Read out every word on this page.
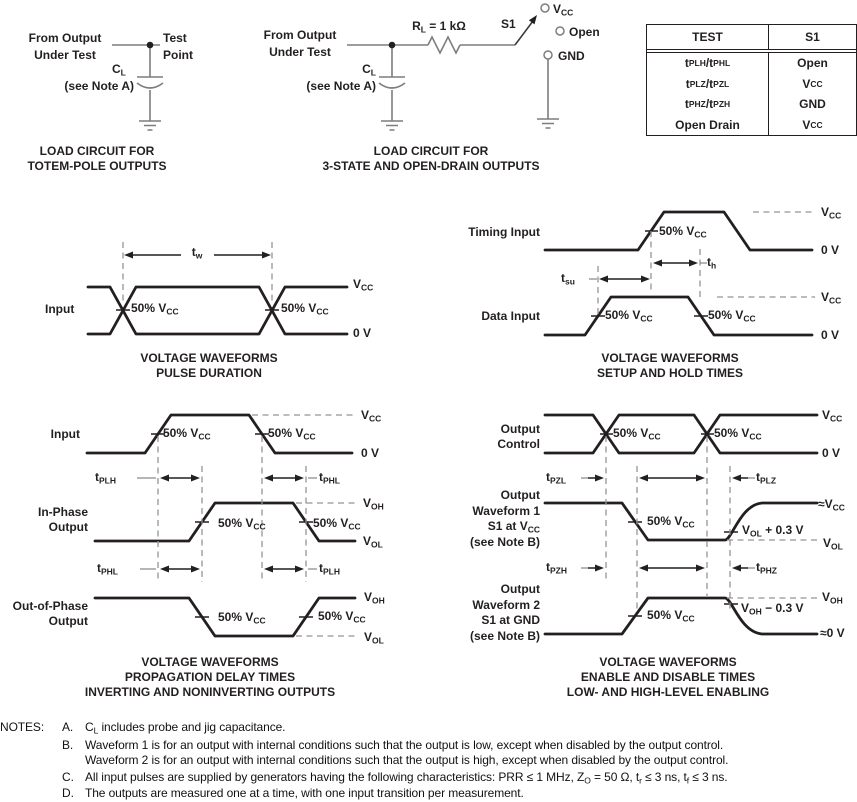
From Output
Under Test
Test
Point
$C_L$
(see Note A)
LOAD CIRCUIT FOR
TOTEM-POLE OUTPUTS
From Output
Under Test
$C_L$
(see Note A)
$R_L = 1$ kΩ	S1
$V_{CC}$
Open
GND
LOAD CIRCUIT FOR
3-STATE AND OPEN-DRAIN OUTPUTS
TEST	S1
t PLH /t PHL	Open
t PLZ /t PZL	V CC
t PHZ /t PZH	GND
Open Drain	V CC
Input
$t_w$
50% $V_{CC}$	50% $V_{CC}$
$V_{CC}$
0 V
VOLTAGE WAVEFORMS
PULSE DURATION
Timing Input
Data Input
$t_{su}$
$t_h$
50% $V_{CC}$
50% $V_{CC}$	50% $V_{CC}$
$V_{CC}$
0 V
$V_{CC}$
0 V
VOLTAGE WAVEFORMS
SETUP AND HOLD TIMES
Input
In-Phase
Output
Out-of-Phase
Output
$t_{PLH}$	$t_{PHL}$
$t_{PHL}$	$t_{PLH}$
50% $V_{CC}$	50% $V_{CC}$
50% $V_{CC}$	50% $V_{CC}$
50% $V_{CC}$	50% $V_{CC}$
$V_{CC}$
0 V
$V_{OH}$
$V_{OL}$
$V_{OH}$
$V_{OL}$
VOLTAGE WAVEFORMS
PROPAGATION DELAY TIMES
INVERTING AND NONINVERTING OUTPUTS
Output
Control
Output
Waveform 1
S1 at $V_{CC}$
(see Note B)
Output
Waveform 2
S1 at GND
(see Note B)
$t_{PZL}$	$t_{PLZ}$
$t_{PZH}$	$t_{PHZ}$
50% $V_{CC}$	50% $V_{CC}$
50% $V_{CC}$
50% $V_{CC}$
$V_{CC}$
0 V
$\approx V_{CC}$
$V_{OL}$
$V_{OL} + 0.3$ V
$V_{OH}$
$V_{OH} - 0.3$ V
≈0 V
VOLTAGE WAVEFORMS
ENABLE AND DISABLE TIMES
LOW- AND HIGH-LEVEL ENABLING
NOTES: A. $C_L$ includes probe and jig capacitance.
B. Waveform 1 is for an output with internal conditions such that the output is low, except when disabled by the output control.
Waveform 2 is for an output with internal conditions such that the output is high, except when disabled by the output control.
C. All input pulses are supplied by generators having the following characteristics: PRR ≤ 1 MHz, $Z_O = 50$ Ω, $t_r \le 3$ ns, $t_f \le 3$ ns.
D. The outputs are measured one at a time, with one input transition per measurement.
